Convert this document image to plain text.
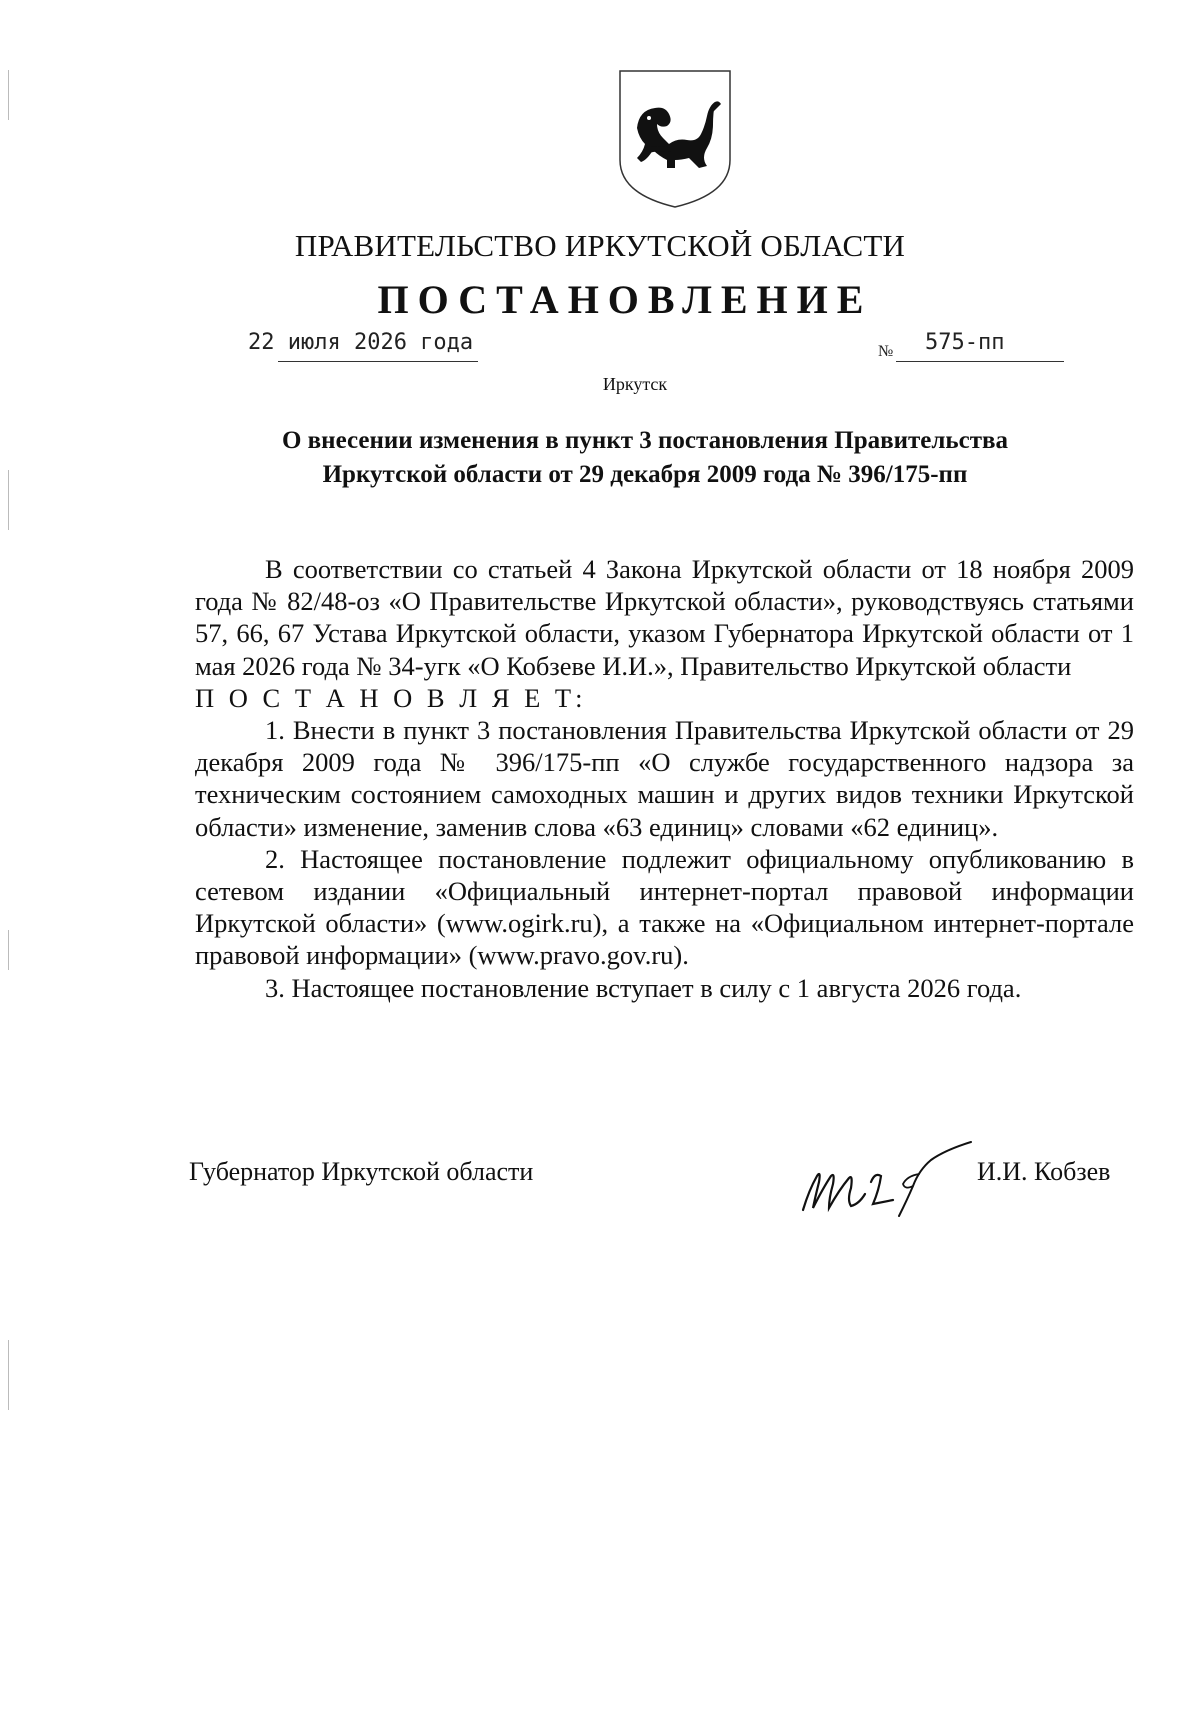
ПРАВИТЕЛЬСТВО ИРКУТСКОЙ ОБЛАСТИ
ПОСТАНОВЛЕНИЕ
22 июля 2026 года	№ 575-пп
Иркутск
О внесении изменения в пункт 3 постановления Правительства
Иркутской области от 29 декабря 2009 года № 396/175-пп

В соответствии со статьей 4 Закона Иркутской области от 18 ноября 2009 года № 82/48-оз «О Правительстве Иркутской области», руководствуясь статьями 57, 66, 67 Устава Иркутской области, указом Губернатора Иркутской области от 1 мая 2026 года № 34-угк «О Кобзеве И.И.», Правительство Иркутской области

П О С Т А Н О В Л Я Е Т:

1. Внести в пункт 3 постановления Правительства Иркутской области от 29 декабря 2009 года № 396/175-пп «О службе государственного надзора за техническим состоянием самоходных машин и других видов техники Иркутской области» изменение, заменив слова «63 единиц» словами «62 единиц».

2. Настоящее постановление подлежит официальному опубликованию в сетевом издании «Официальный интернет-портал правовой информации Иркутской области» (www.ogirk.ru), а также на «Официальном интернет-портале правовой информации» (www.pravo.gov.ru).

3. Настоящее постановление вступает в силу с 1 августа 2026 года.

Губернатор Иркутской области	И.И. Кобзев
